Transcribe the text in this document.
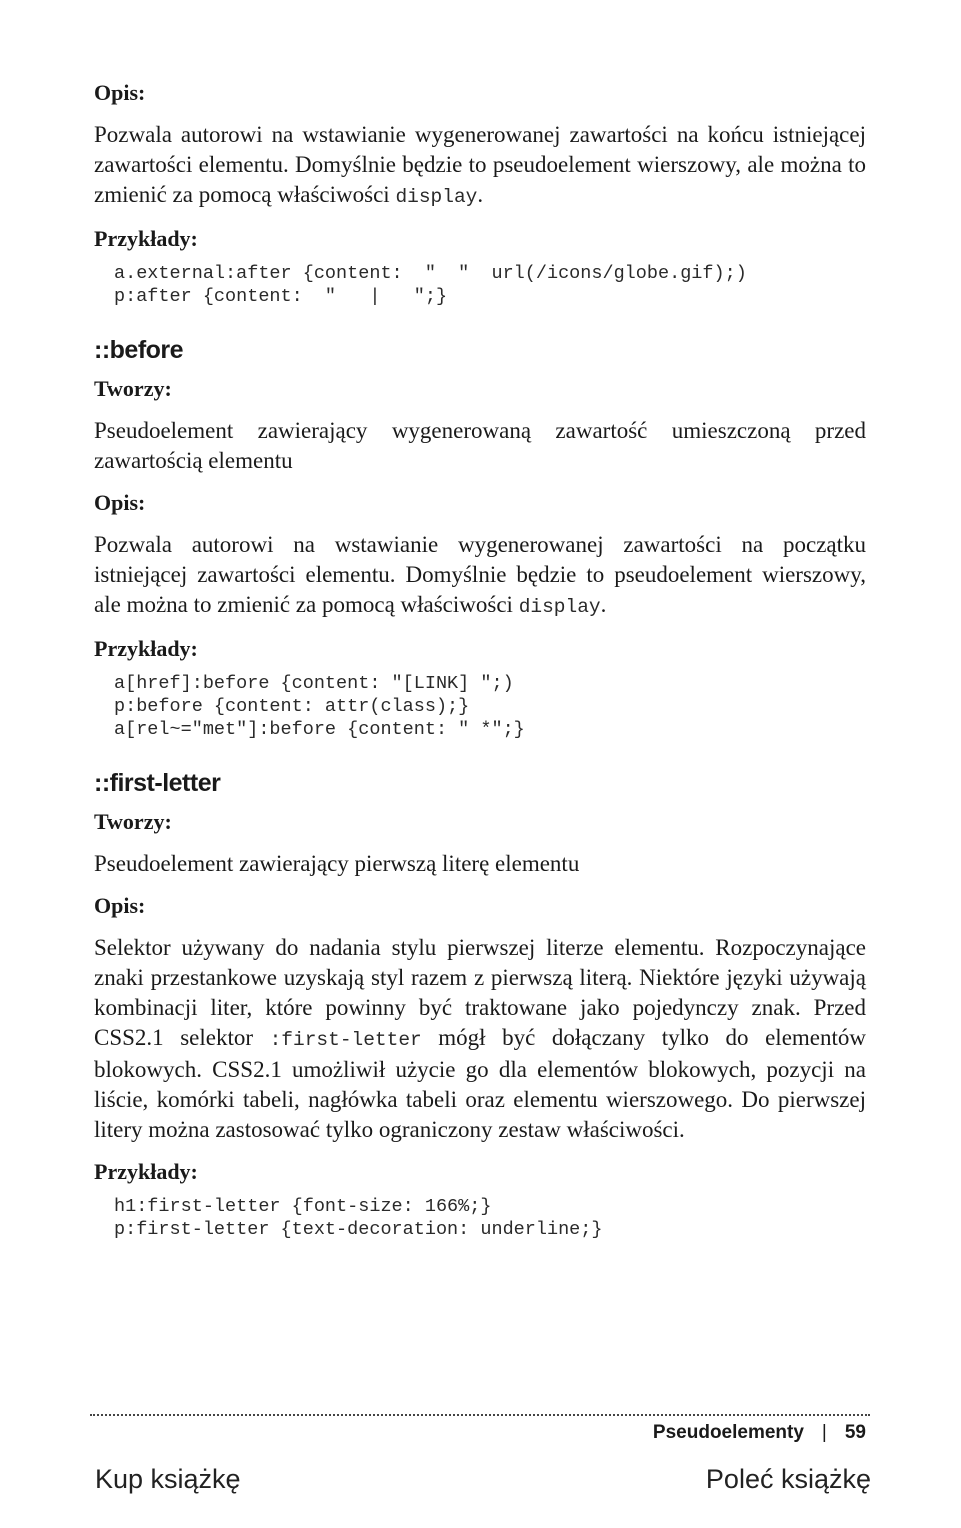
Opis:

Pozwala autorowi na wstawianie wygenerowanej zawartości na końcu istniejącej zawartości elementu. Domyślnie będzie to pseudoelement wierszowy, ale można to zmienić za pomocą właściwości display.

Przykłady:

a.external:after {content:  "  "  url(/icons/globe.gif);)

p:after {content:  "   |   ";}

::before

Tworzy:

Pseudoelement zawierający wygenerowaną zawartość umieszczoną przed zawartością elementu

Opis:

Pozwala autorowi na wstawianie wygenerowanej zawartości na początku istniejącej zawartości elementu. Domyślnie będzie to pseudoelement wierszowy, ale można to zmienić za pomocą właściwości display.

Przykłady:

a[href]:before {content: "[LINK] ";)

p:before {content: attr(class);}

a[rel~="met"]:before {content: " *";}

::first-letter

Tworzy:

Pseudoelement zawierający pierwszą literę elementu

Opis:

Selektor używany do nadania stylu pierwszej literze elementu. Rozpoczynające znaki przestankowe uzyskają styl razem z pierwszą literą. Niektóre języki używają kombinacji liter, które powinny być traktowane jako pojedynczy znak. Przed CSS2.1 selektor :first-letter mógł być dołączany tylko do elementów blokowych. CSS2.1 umożliwił użycie go dla elementów blokowych, pozycji na liście, komórki tabeli, nagłówka tabeli oraz elementu wierszowego. Do pierwszej litery można zastosować tylko ograniczony zestaw właściwości.

Przykłady:

h1:first-letter {font-size: 166%;}

p:first-letter {text-decoration: underline;}

Pseudoelementy | 59
Kup książkę	Poleć książkę
